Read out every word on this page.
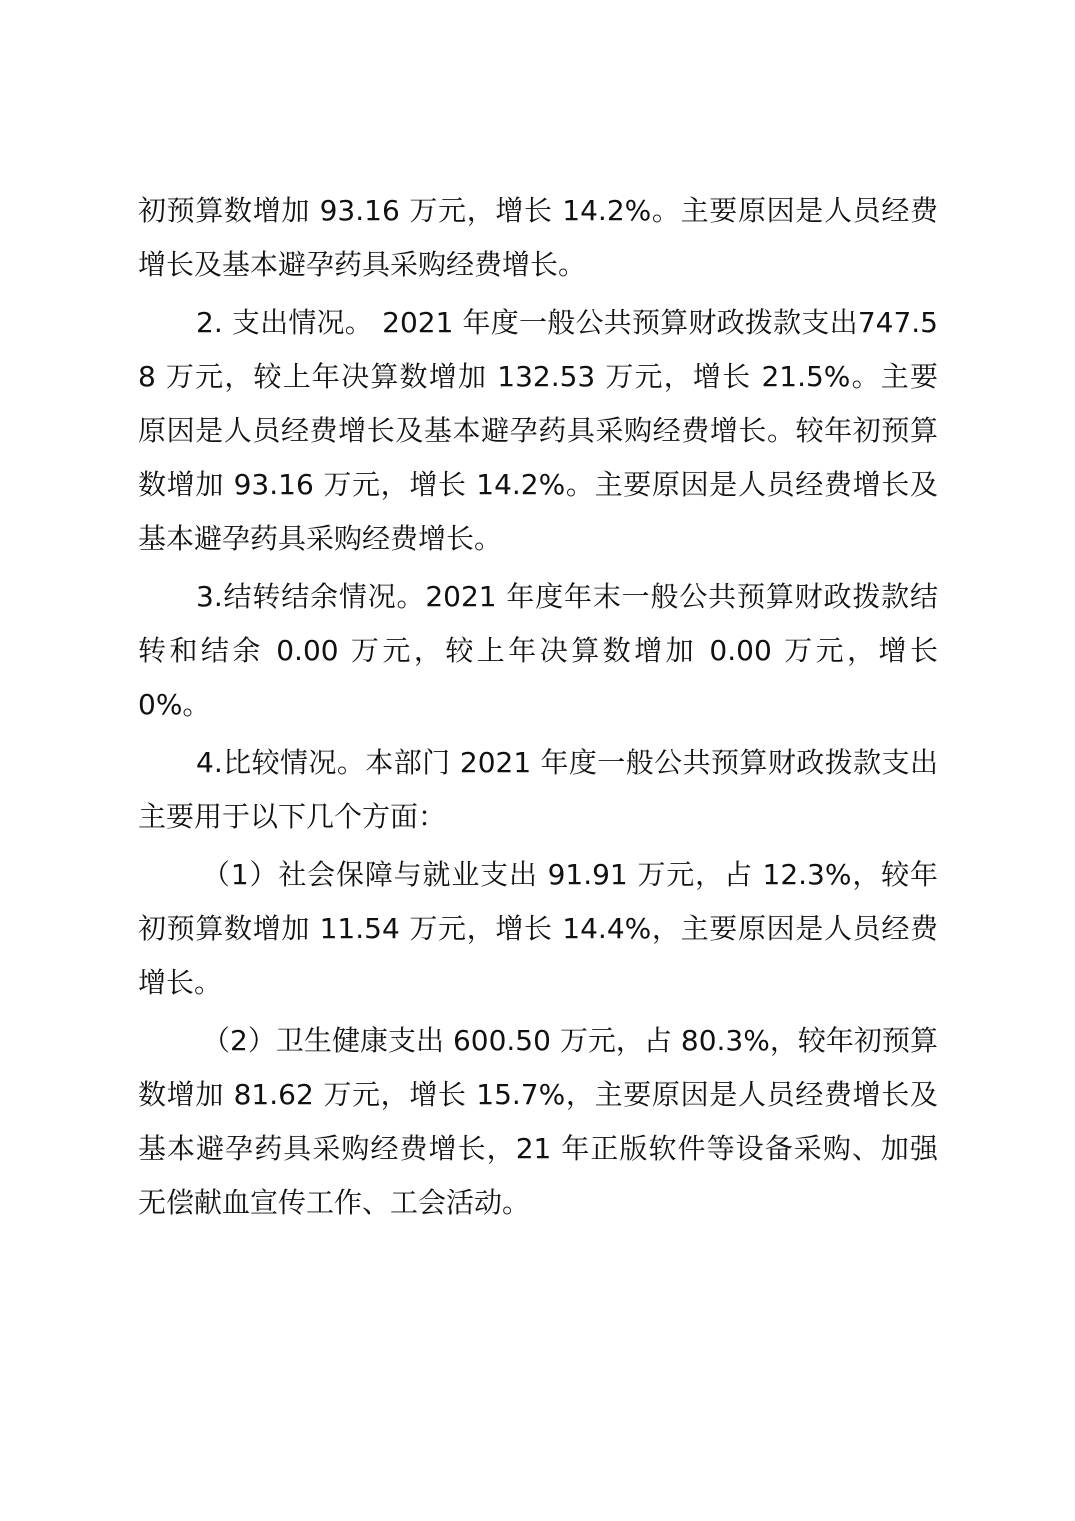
初预算数增加 93.16 万元，增长 14.2%。主要原因是人员经费增长及基本避孕药具采购经费增长。

2. 支出情况。 2021 年度一般公共预算财政拨款支出747.58 万元，较上年决算数增加 132.53 万元，增长 21.5%。主要原因是人员经费增长及基本避孕药具采购经费增长。较年初预算数增加 93.16 万元，增长 14.2%。主要原因是人员经费增长及基本避孕药具采购经费增长。

3.结转结余情况。2021 年度年末一般公共预算财政拨款结转和结余 0.00 万元，较上年决算数增加 0.00 万元，增长 0%。

4.比较情况。本部门 2021 年度一般公共预算财政拨款支出主要用于以下几个方面：

（1）社会保障与就业支出 91.91 万元，占 12.3%，较年初预算数增加 11.54 万元，增长 14.4%，主要原因是人员经费增长。

（2）卫生健康支出 600.50 万元，占 80.3%，较年初预算数增加 81.62 万元，增长 15.7%，主要原因是人员经费增长及基本避孕药具采购经费增长，21 年正版软件等设备采购、加强无偿献血宣传工作、工会活动。
